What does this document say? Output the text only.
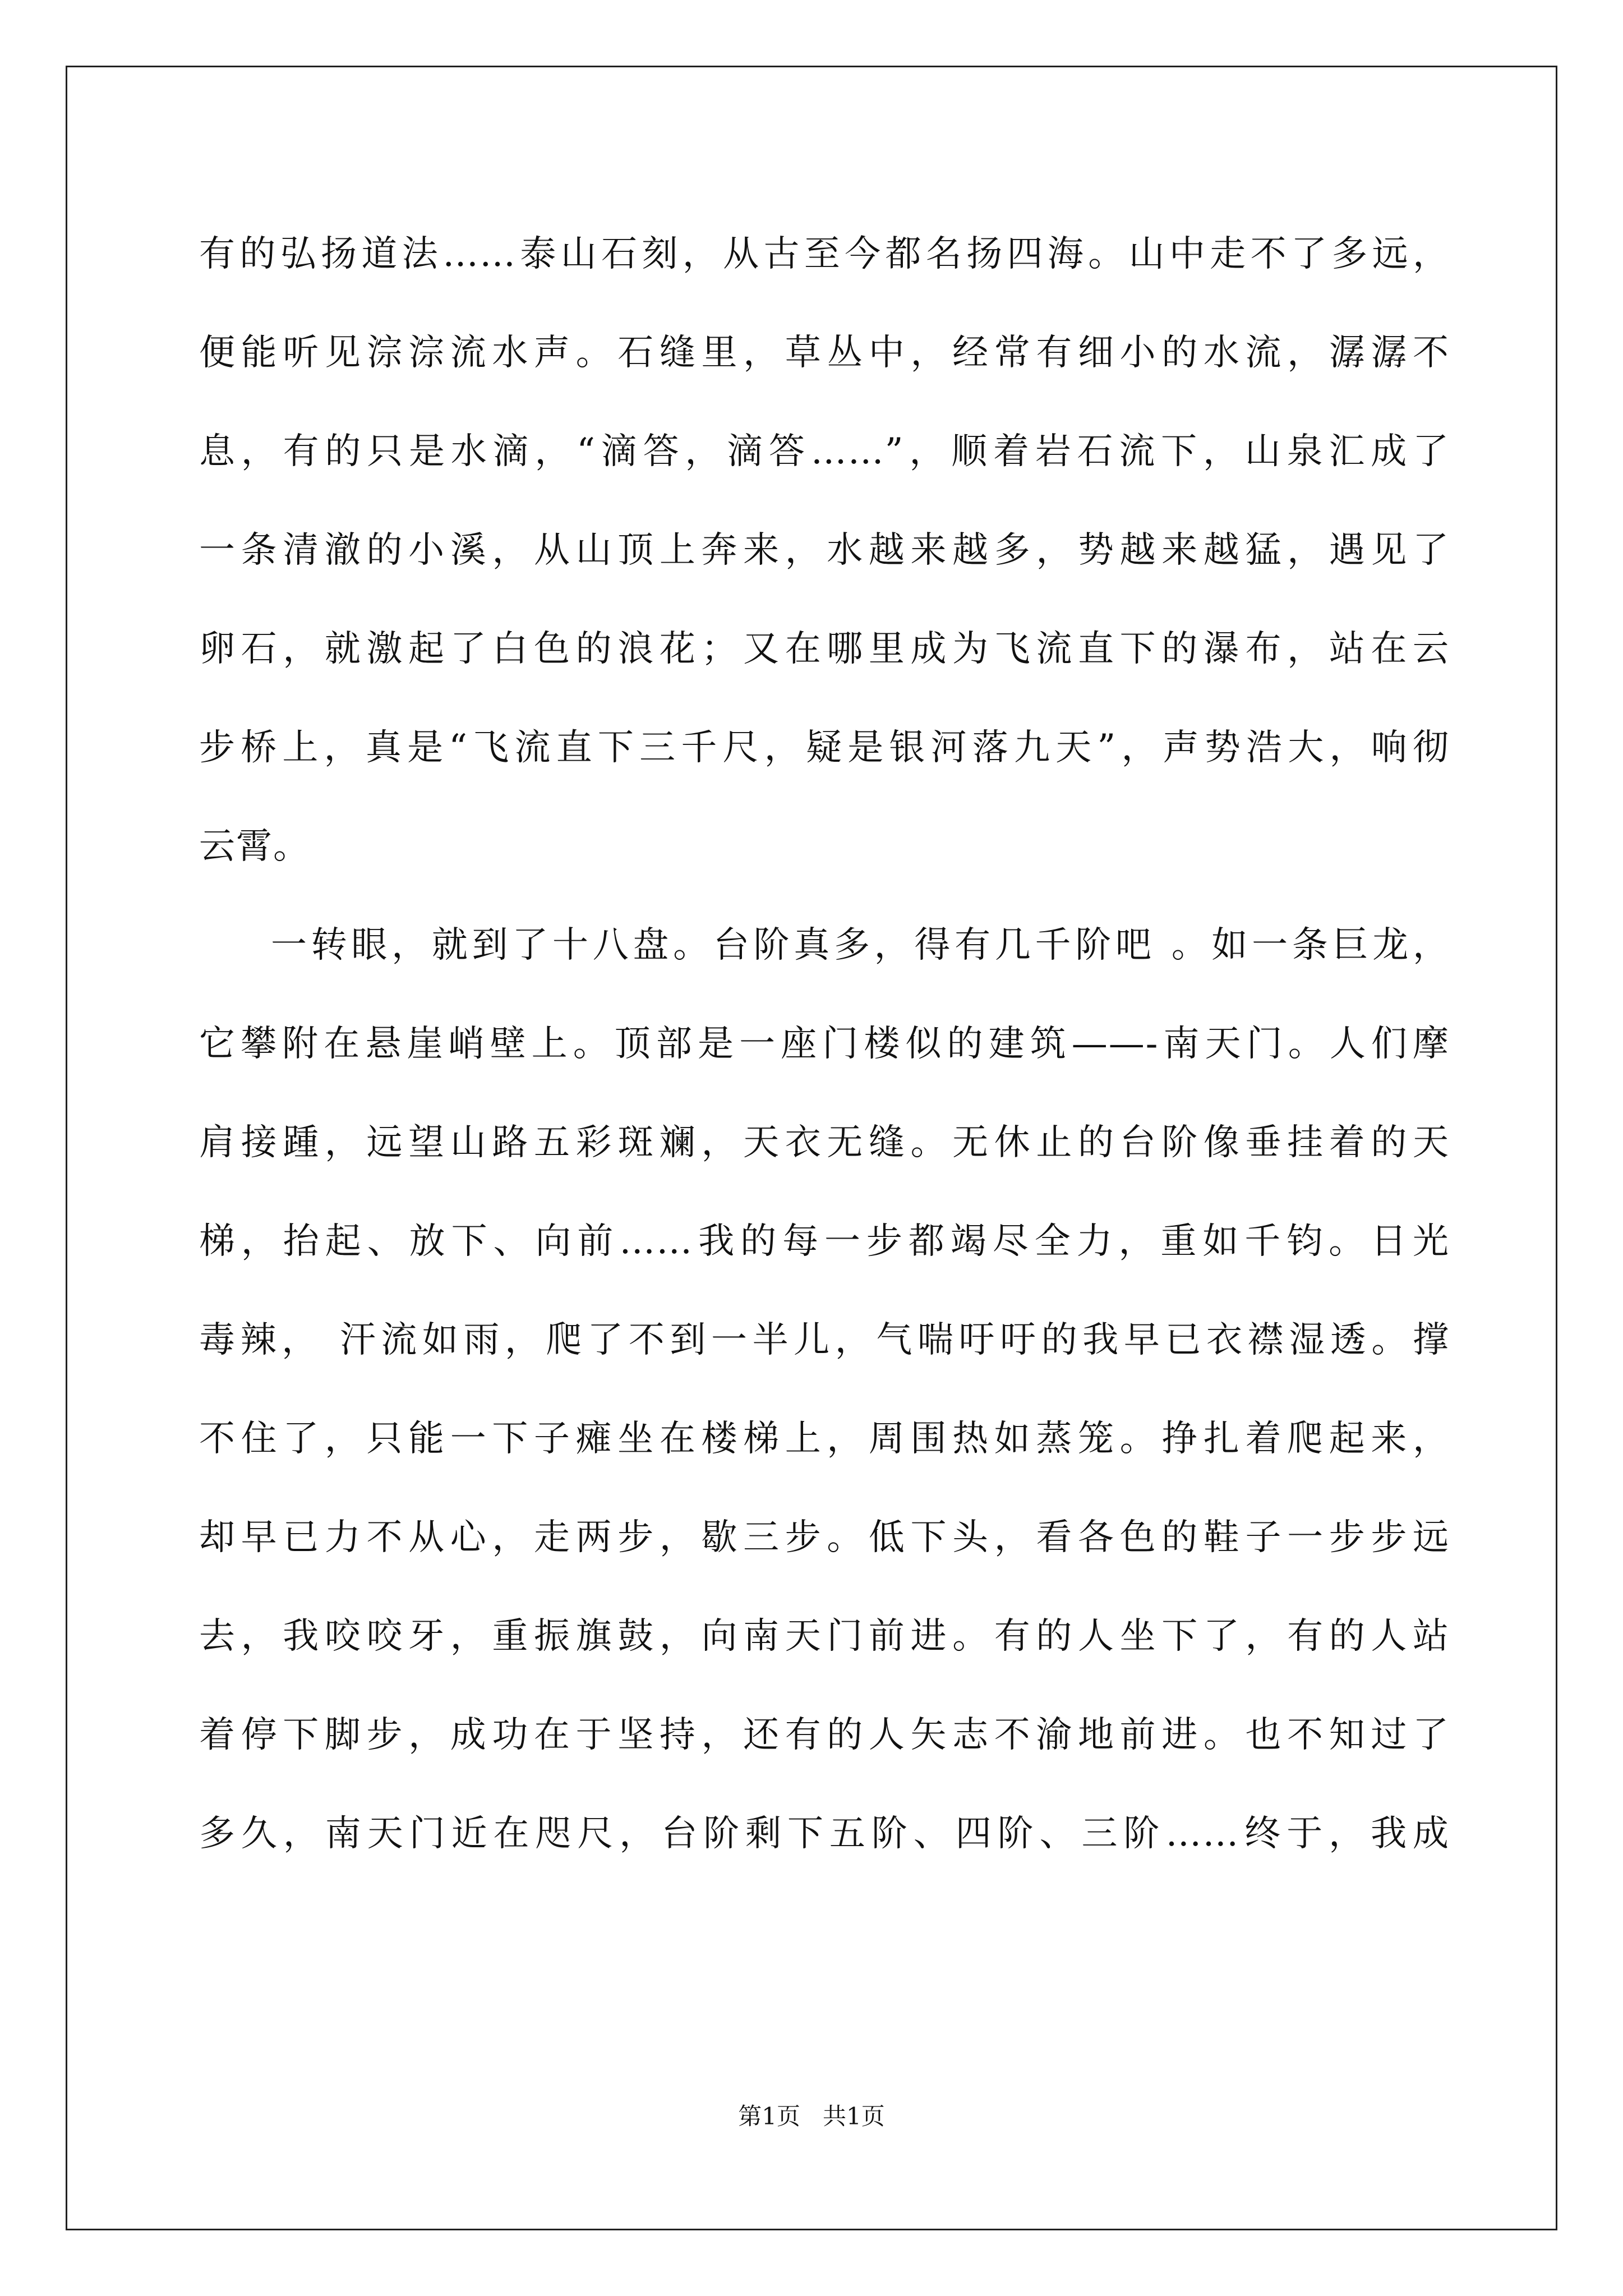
有的弘扬道法……泰山石刻，从古至今都名扬四海。山中走不了多远，
便能听见淙淙流水声。石缝里，草丛中，经常有细小的水流，潺潺不
息，有的只是水滴，“滴答，滴答……”，顺着岩石流下，山泉汇成了
一条清澈的小溪，从山顶上奔来，水越来越多，势越来越猛，遇见了
卵石，就激起了白色的浪花；又在哪里成为飞流直下的瀑布，站在云
步桥上，真是“飞流直下三千尺，疑是银河落九天”，声势浩大，响彻
云霄。
一转眼，就到了十八盘。台阶真多，得有几千阶吧 。如一条巨龙，
它攀附在悬崖峭壁上。顶部是一座门楼似的建筑——-南天门。人们摩
肩接踵，远望山路五彩斑斓，天衣无缝。无休止的台阶像垂挂着的天
梯，抬起、放下、向前……我的每一步都竭尽全力，重如千钧。日光
毒辣， 汗流如雨，爬了不到一半儿，气喘吁吁的我早已衣襟湿透。撑
不住了，只能一下子瘫坐在楼梯上，周围热如蒸笼。挣扎着爬起来，
却早已力不从心，走两步，歇三步。低下头，看各色的鞋子一步步远
去，我咬咬牙，重振旗鼓，向南天门前进。有的人坐下了，有的人站
着停下脚步，成功在于坚持，还有的人矢志不渝地前进。也不知过了
多久，南天门近在咫尺，台阶剩下五阶、四阶、三阶……终于，我成
第1页   共1页
